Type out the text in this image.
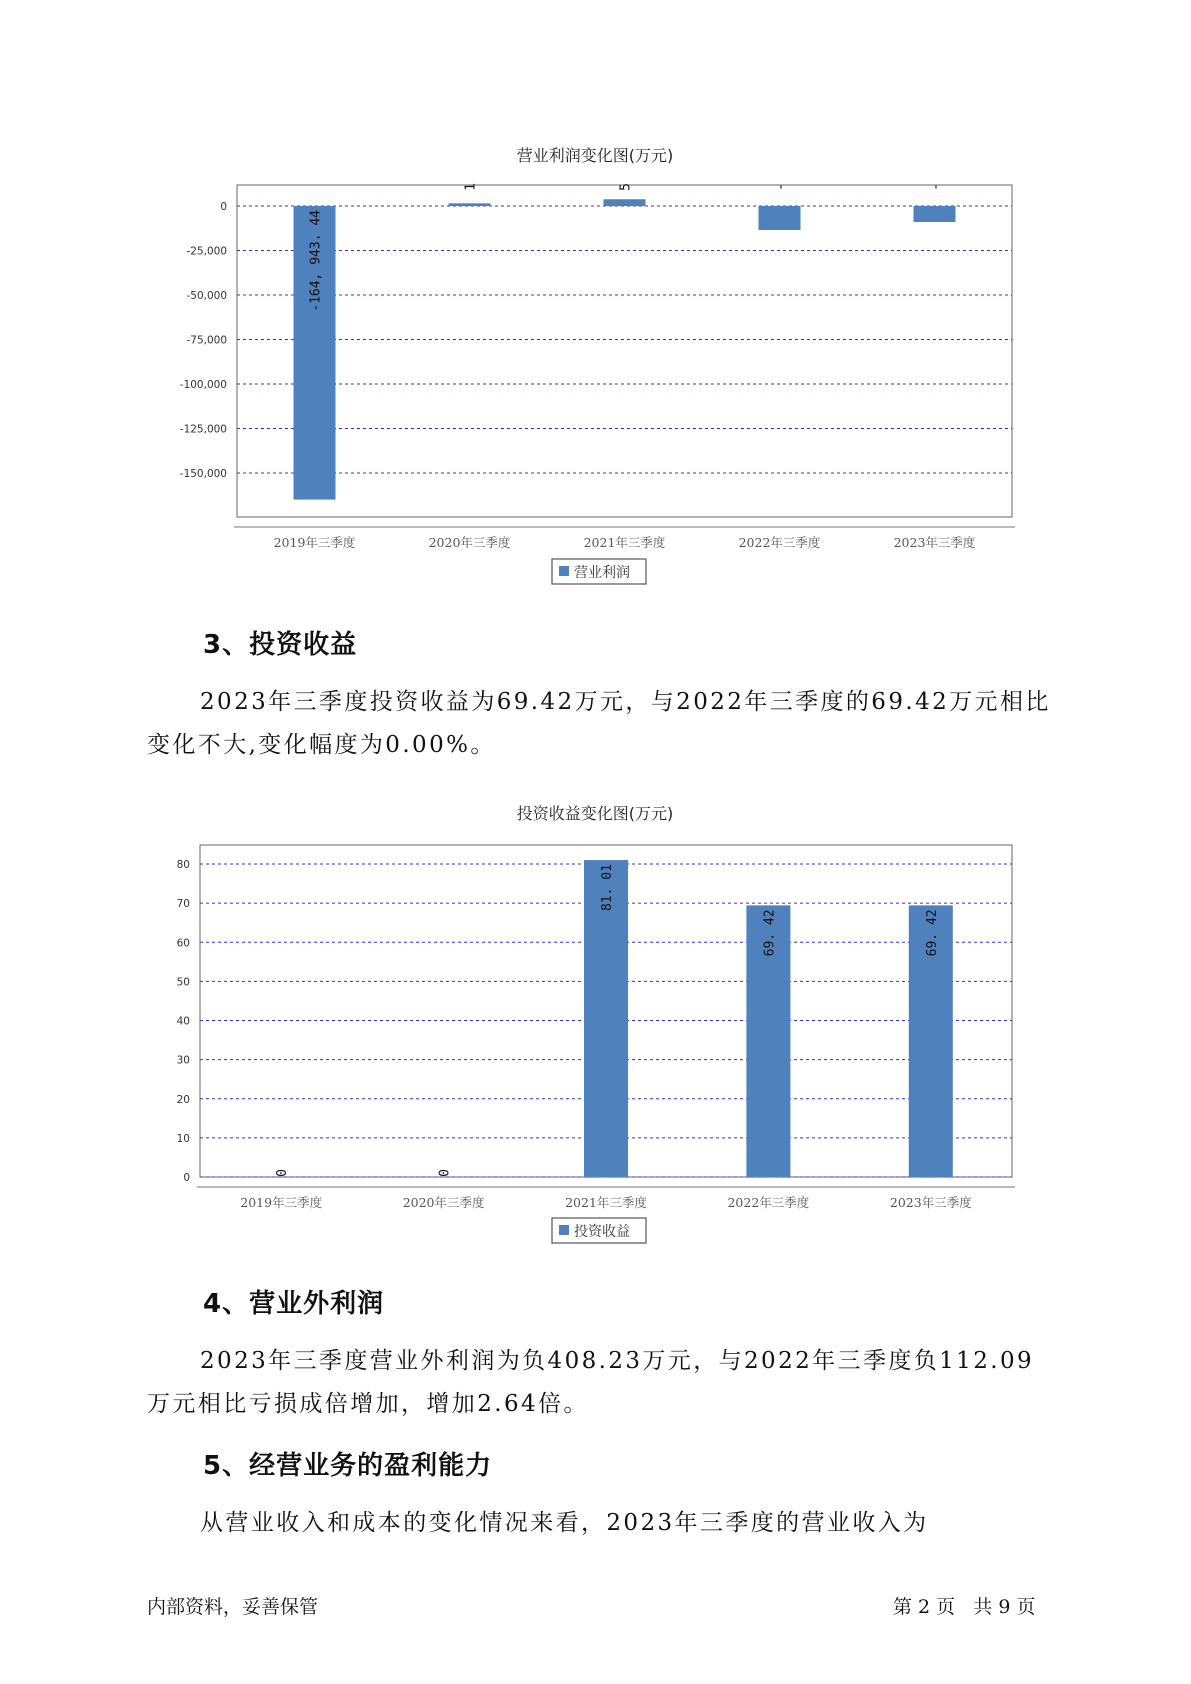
营业利润变化图(万元)
0
-25,000
-50,000
-75,000
-100,000
-125,000
-150,000
2019年三季度	2020年三季度	2021年三季度	2022年三季度	2023年三季度
-164, 943. 44
1	5	-	-
营业利润
3、投资收益

2023年三季度投资收益为69.42万元，与2022年三季度的69.42万元相比变化不大,变化幅度为0.00%。

投资收益变化图(万元)
80
70
60
50
40
30
20
10
0
2019年三季度	2020年三季度	2021年三季度	2022年三季度	2023年三季度
0	0
81. 01
69. 42	69. 42
投资收益
4、营业外利润

2023年三季度营业外利润为负408.23万元，与2022年三季度负112.09万元相比亏损成倍增加，增加2.64倍。

5、经营业务的盈利能力

从营业收入和成本的变化情况来看，2023年三季度的营业收入为

内部资料，妥善保管	第 2 页   共 9 页
